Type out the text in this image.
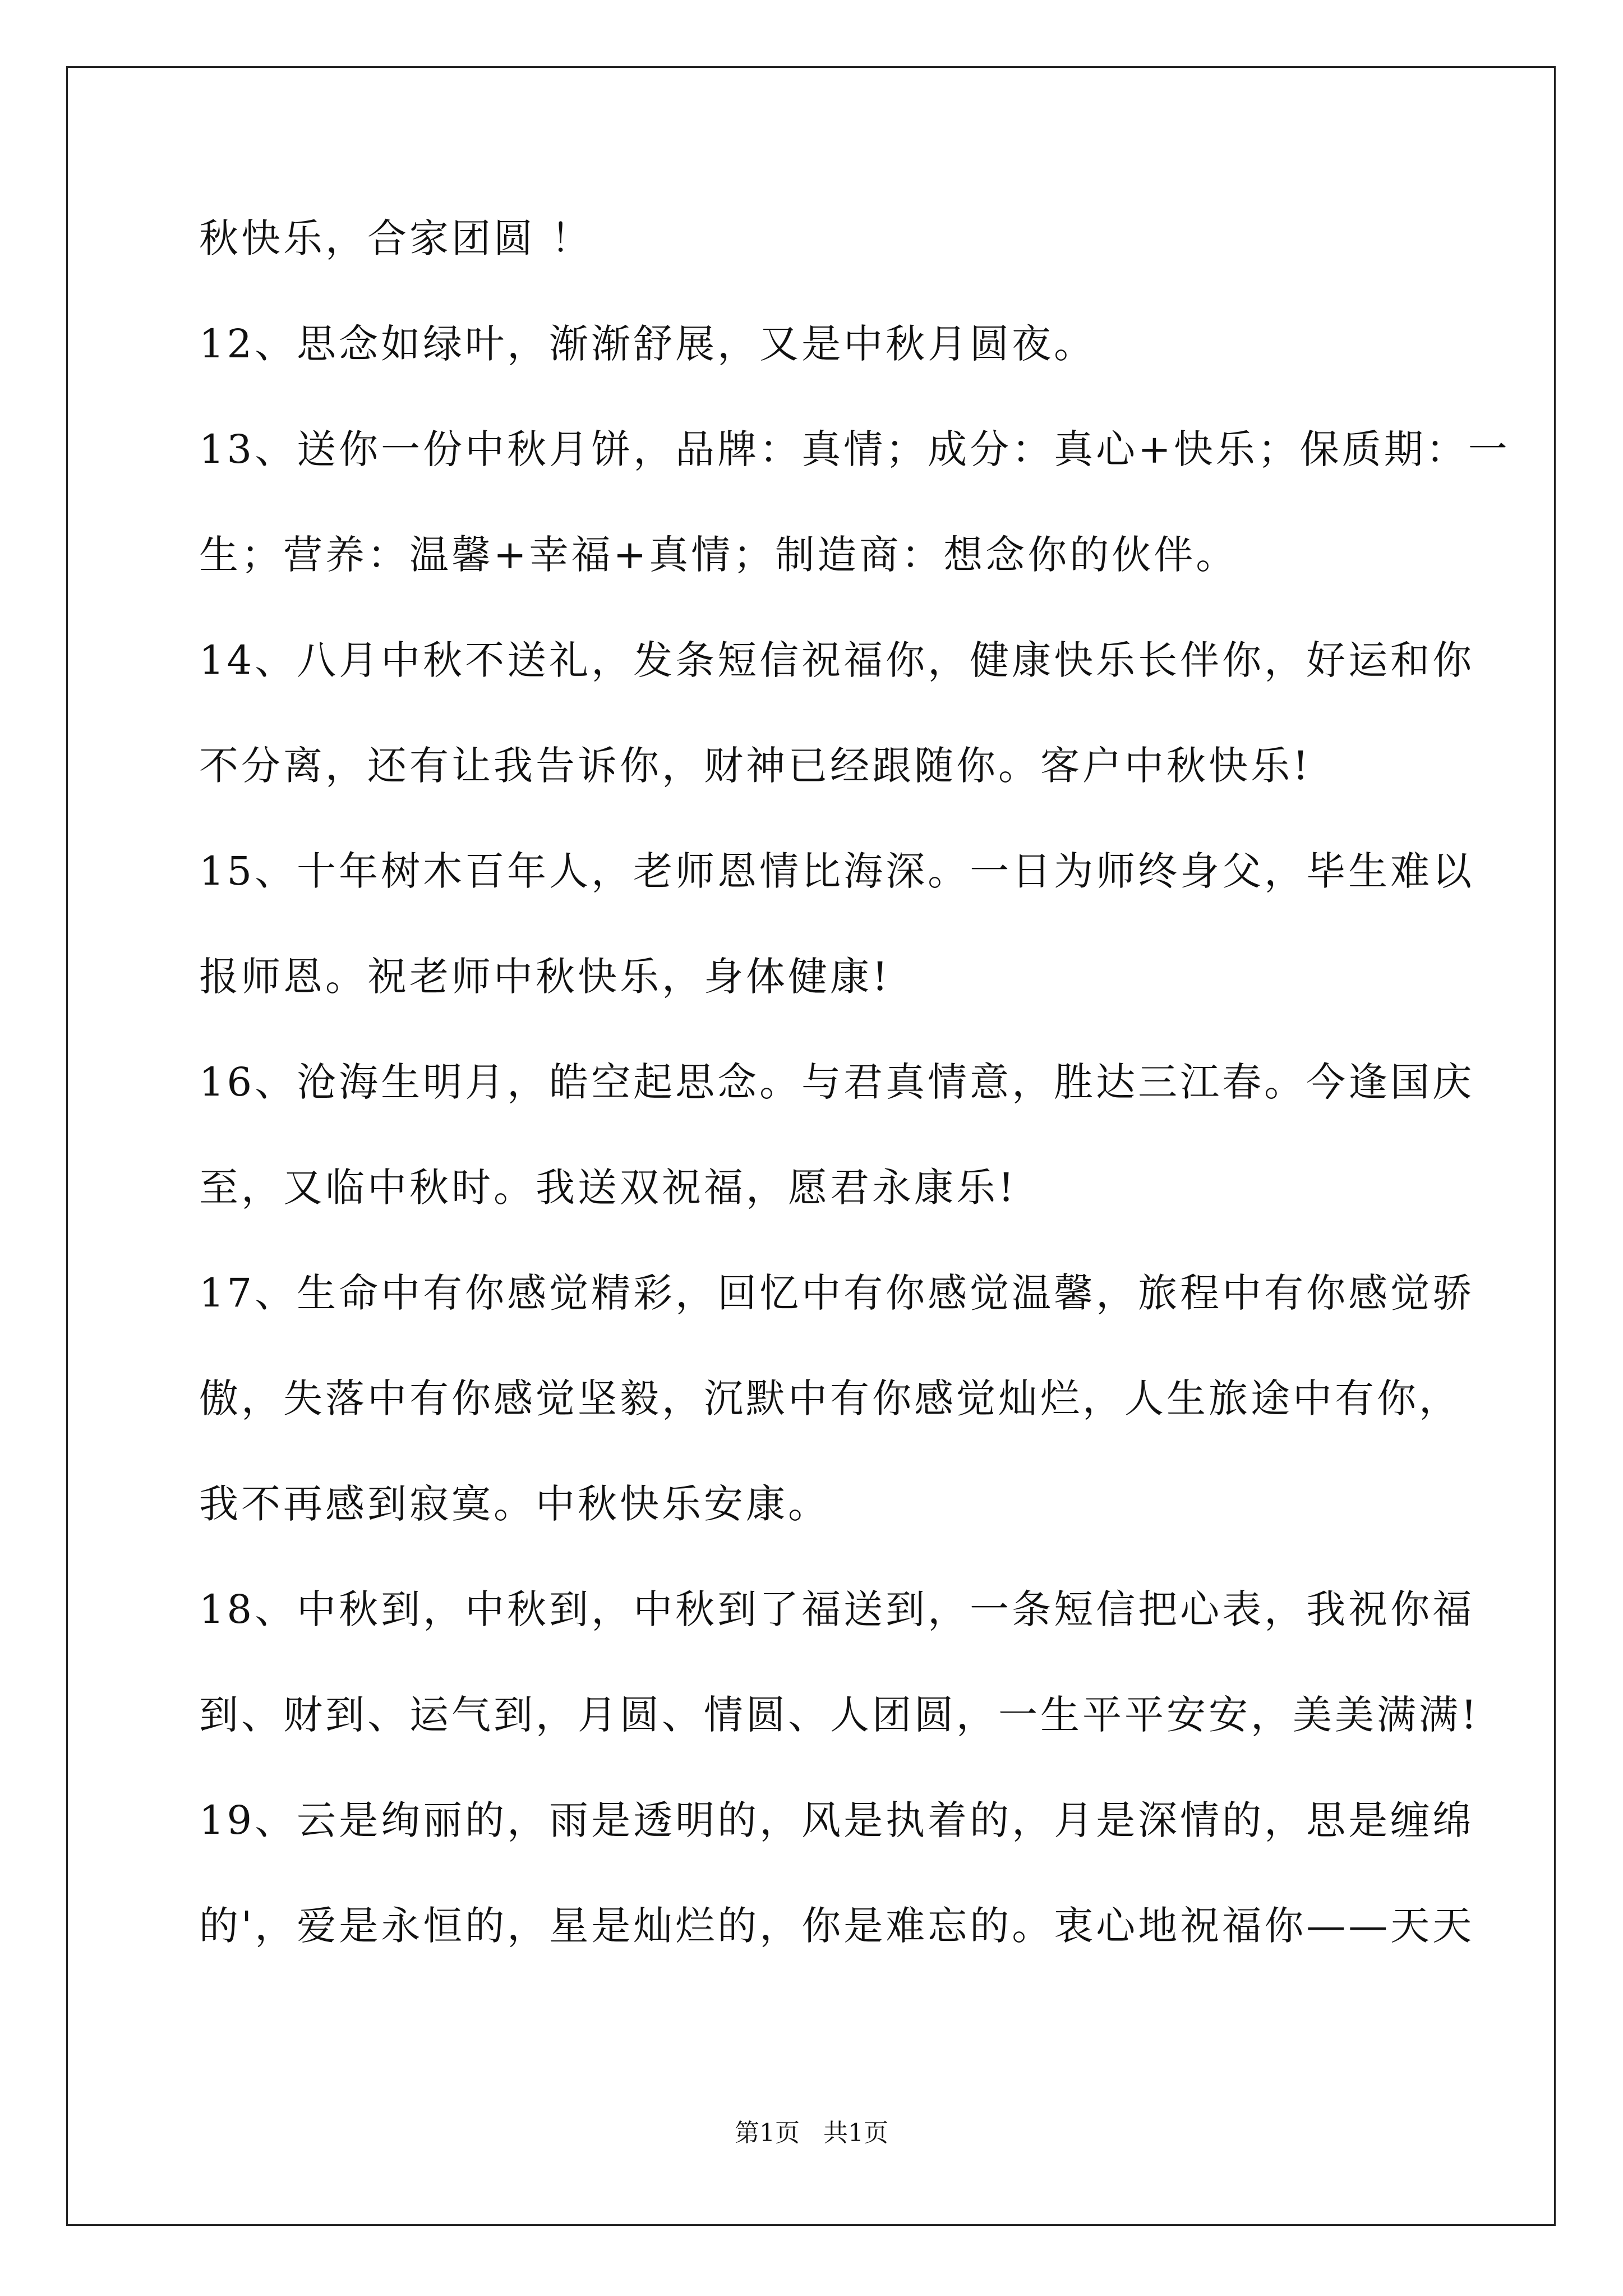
秋快乐，合家团圆 ！
12、思念如绿叶，渐渐舒展，又是中秋月圆夜。
13、送你一份中秋月饼，品牌：真情；成分：真心+快乐；保质期：一
生；营养：温馨+幸福+真情；制造商：想念你的伙伴。
14、八月中秋不送礼，发条短信祝福你，健康快乐长伴你，好运和你
不分离，还有让我告诉你，财神已经跟随你。客户中秋快乐!
15、十年树木百年人，老师恩情比海深。一日为师终身父，毕生难以
报师恩。祝老师中秋快乐，身体健康!
16、沧海生明月，皓空起思念。与君真情意，胜达三江春。今逢国庆
至，又临中秋时。我送双祝福，愿君永康乐!
17、生命中有你感觉精彩，回忆中有你感觉温馨，旅程中有你感觉骄
傲，失落中有你感觉坚毅，沉默中有你感觉灿烂，人生旅途中有你，
我不再感到寂寞。中秋快乐安康。
18、中秋到，中秋到，中秋到了福送到，一条短信把心表，我祝你福
到、财到、运气到，月圆、情圆、人团圆，一生平平安安，美美满满!
19、云是绚丽的，雨是透明的，风是执着的，月是深情的，思是缠绵
的'，爱是永恒的，星是灿烂的，你是难忘的。衷心地祝福你——天天
第1页   共1页
